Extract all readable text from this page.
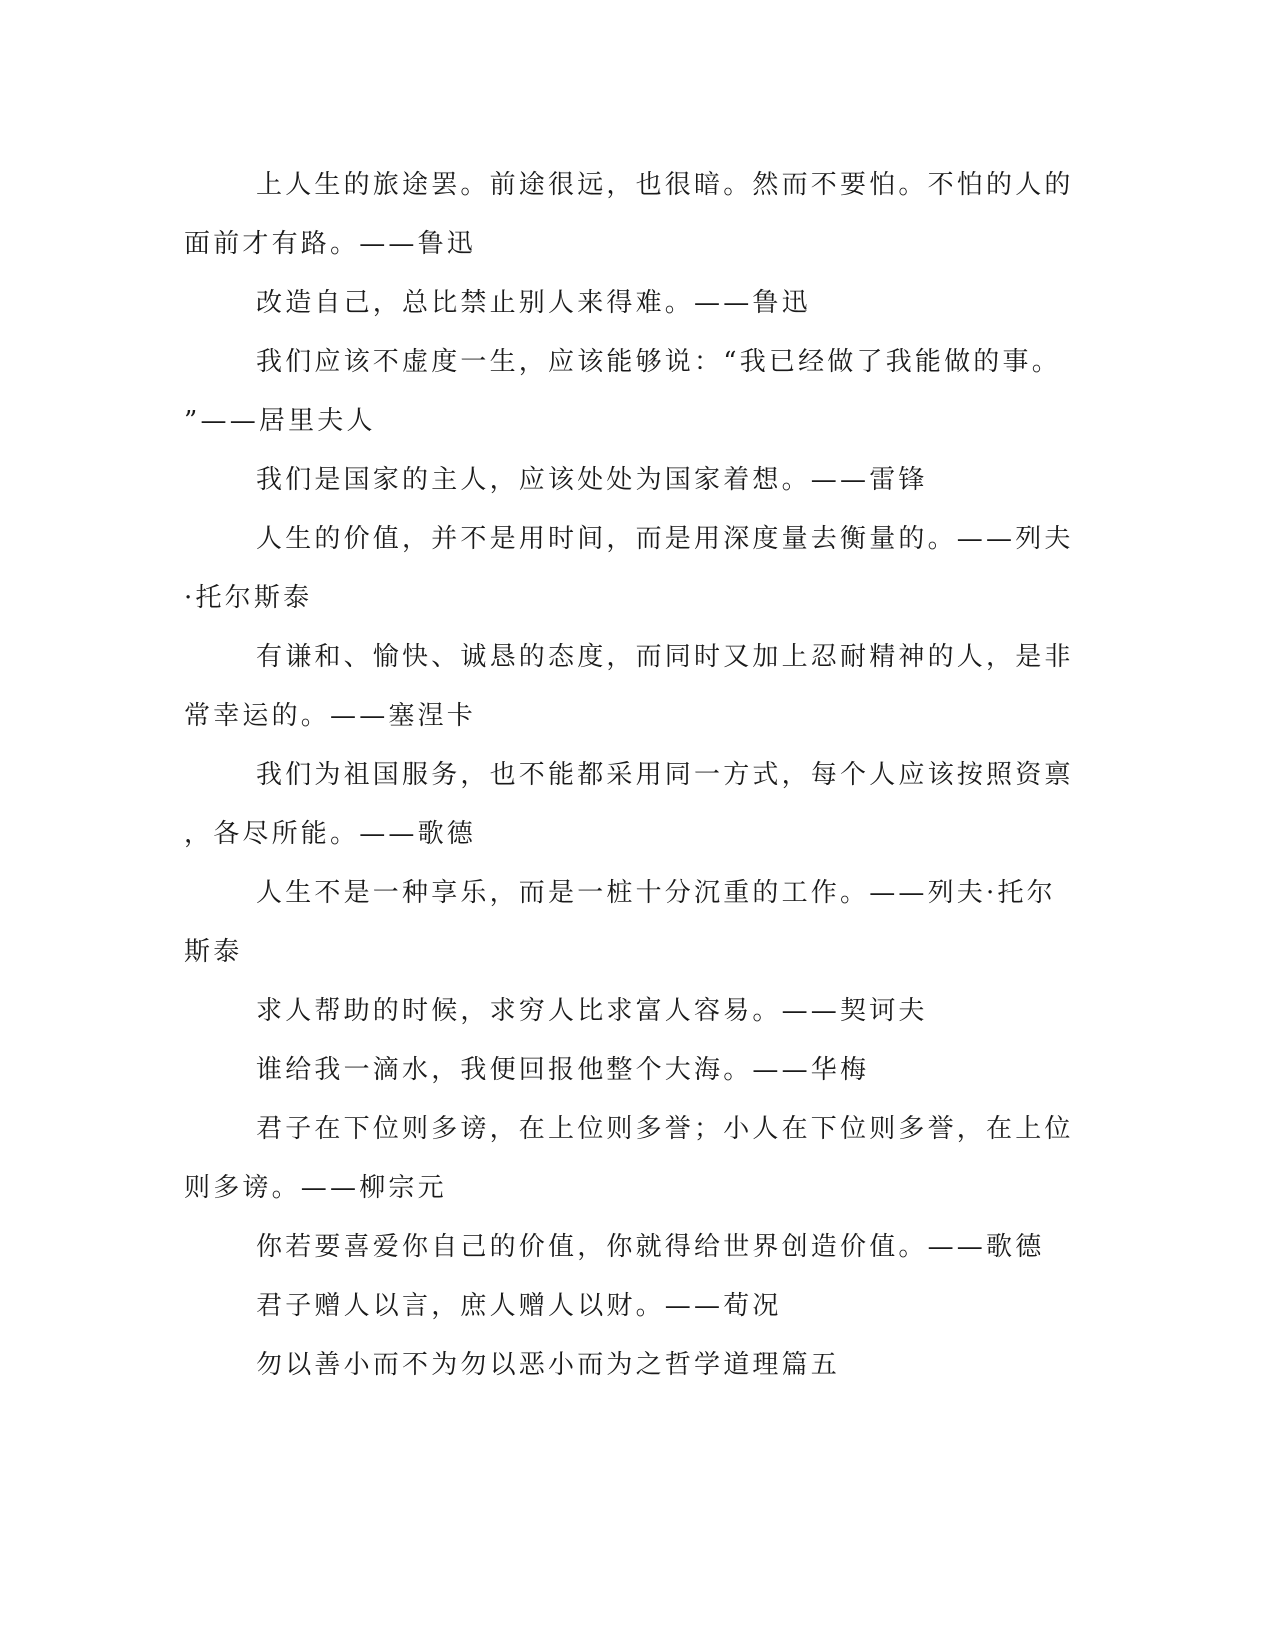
上人生的旅途罢。前途很远，也很暗。然而不要怕。不怕的人的
面前才有路。——鲁迅

改造自己，总比禁止别人来得难。——鲁迅

我们应该不虚度一生，应该能够说：“我已经做了我能做的事。
”——居里夫人

我们是国家的主人，应该处处为国家着想。——雷锋

人生的价值，并不是用时间，而是用深度量去衡量的。——列夫
·托尔斯泰

有谦和、愉快、诚恳的态度，而同时又加上忍耐精神的人，是非
常幸运的。——塞涅卡

我们为祖国服务，也不能都采用同一方式，每个人应该按照资禀
，各尽所能。——歌德

人生不是一种享乐，而是一桩十分沉重的工作。——列夫·托尔
斯泰

求人帮助的时候，求穷人比求富人容易。——契诃夫

谁给我一滴水，我便回报他整个大海。——华梅

君子在下位则多谤，在上位则多誉；小人在下位则多誉，在上位
则多谤。——柳宗元

你若要喜爱你自己的价值，你就得给世界创造价值。——歌德

君子赠人以言，庶人赠人以财。——荀况

勿以善小而不为勿以恶小而为之哲学道理篇五
